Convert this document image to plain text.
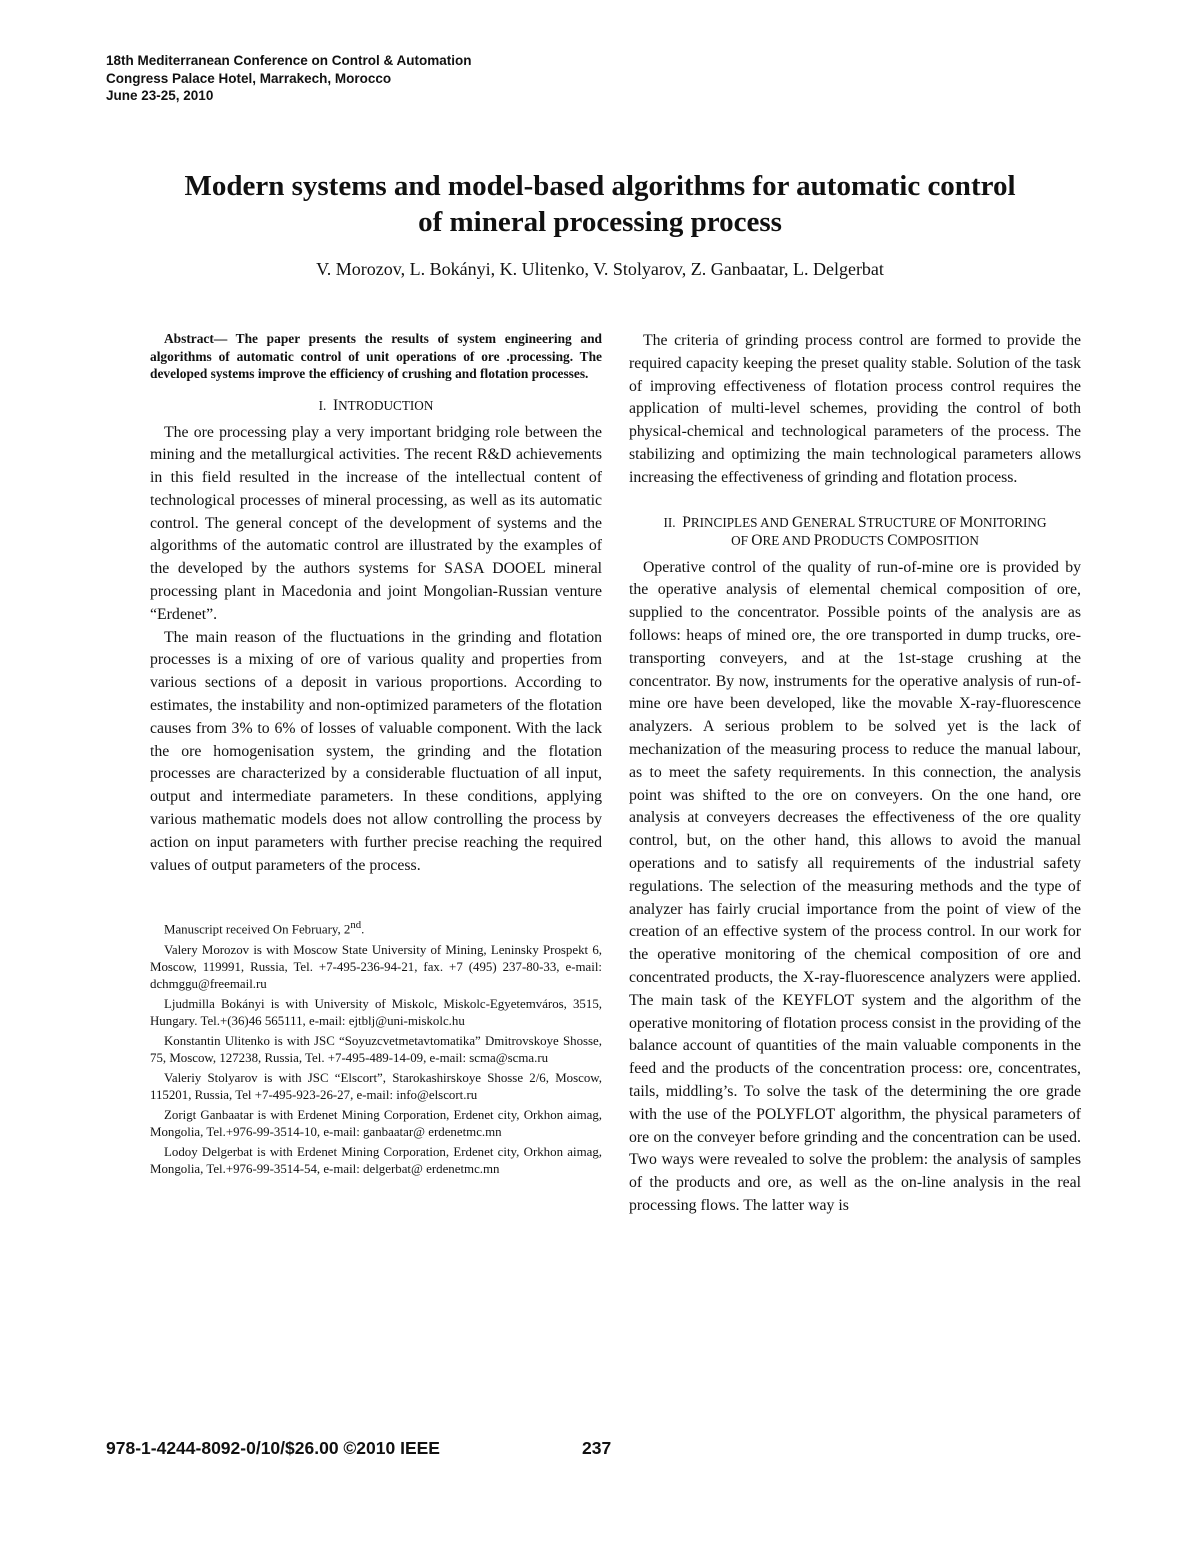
18th Mediterranean Conference on Control & Automation
Congress Palace Hotel, Marrakech, Morocco
June 23-25, 2010
Modern systems and model-based algorithms for automatic control
of mineral processing process
V. Morozov, L. Bokányi, K. Ulitenko, V. Stolyarov, Z. Ganbaatar, L. Delgerbat

Abstract— The paper presents the results of system engineering and algorithms of automatic control of unit operations of ore .processing. The developed systems improve the efficiency of crushing and flotation processes.

I. INTRODUCTION

The ore processing play a very important bridging role between the mining and the metallurgical activities. The recent R&D achievements in this field resulted in the increase of the intellectual content of technological processes of mineral processing, as well as its automatic control. The general concept of the development of systems and the algorithms of the automatic control are illustrated by the examples of the developed by the authors systems for SASA DOOEL mineral processing plant in Macedonia and joint Mongolian-Russian venture “Erdenet”.

The main reason of the fluctuations in the grinding and flotation processes is a mixing of ore of various quality and properties from various sections of a deposit in various proportions. According to estimates, the instability and non-optimized parameters of the flotation causes from 3% to 6% of losses of valuable component. With the lack the ore homogenisation system, the grinding and the flotation processes are characterized by a considerable fluctuation of all input, output and intermediate parameters. In these conditions, applying various mathematic models does not allow controlling the process by action on input parameters with further precise reaching the required values of output parameters of the process.

Manuscript received On February, 2nd.

Valery Morozov is with Moscow State University of Mining, Leninsky Prospekt 6, Moscow, 119991, Russia, Tel. +7-495-236-94-21, fax. +7 (495) 237-80-33, e-mail: dchmggu@freemail.ru

Ljudmilla Bokányi is with University of Miskolc, Miskolc-Egyetemváros, 3515, Hungary. Tel.+(36)46 565111, e-mail: ejtblj@uni-miskolc.hu

Konstantin Ulitenko is with JSC “Soyuzcvetmetavtomatika” Dmitrovskoye Shosse, 75, Moscow, 127238, Russia, Tel. +7-495-489-14-09, e-mail: scma@scma.ru

Valeriy Stolyarov is with JSC “Elscort”, Starokashirskoye Shosse 2/6, Moscow, 115201, Russia, Tel +7-495-923-26-27, e-mail: info@elscort.ru

Zorigt Ganbaatar is with Erdenet Mining Corporation, Erdenet city, Orkhon aimag, Mongolia, Tel.+976-99-3514-10, e-mail: ganbaatar@ erdenetmc.mn

Lodoy Delgerbat is with Erdenet Mining Corporation, Erdenet city, Orkhon aimag, Mongolia, Tel.+976-99-3514-54, e-mail: delgerbat@ erdenetmc.mn

The criteria of grinding process control are formed to provide the required capacity keeping the preset quality stable. Solution of the task of improving effectiveness of flotation process control requires the application of multi-level schemes, providing the control of both physical-chemical and technological parameters of the process. The stabilizing and optimizing the main technological parameters allows increasing the effectiveness of grinding and flotation process.

II. PRINCIPLES AND GENERAL STRUCTURE OF MONITORING
OF ORE AND PRODUCTS COMPOSITION

Operative control of the quality of run-of-mine ore is provided by the operative analysis of elemental chemical composition of ore, supplied to the concentrator. Possible points of the analysis are as follows: heaps of mined ore, the ore transported in dump trucks, ore-transporting conveyers, and at the 1st-stage crushing at the concentrator. By now, instruments for the operative analysis of run-of-mine ore have been developed, like the movable X-ray-fluorescence analyzers. A serious problem to be solved yet is the lack of mechanization of the measuring process to reduce the manual labour, as to meet the safety requirements. In this connection, the analysis point was shifted to the ore on conveyers. On the one hand, ore analysis at conveyers decreases the effectiveness of the ore quality control, but, on the other hand, this allows to avoid the manual operations and to satisfy all requirements of the industrial safety regulations. The selection of the measuring methods and the type of analyzer has fairly crucial importance from the point of view of the creation of an effective system of the process control. In our work for the operative monitoring of the chemical composition of ore and concentrated products, the X-ray-fluorescence analyzers were applied. The main task of the KEYFLOT system and the algorithm of the operative monitoring of flotation process consist in the providing of the balance account of quantities of the main valuable components in the feed and the products of the concentration process: ore, concentrates, tails, middling’s. To solve the task of the determining the ore grade with the use of the POLYFLOT algorithm, the physical parameters of ore on the conveyer before grinding and the concentration can be used. Two ways were revealed to solve the problem: the analysis of samples of the products and ore, as well as the on-line analysis in the real processing flows. The latter way is

978-1-4244-8092-0/10/$26.00 ©2010 IEEE	237
